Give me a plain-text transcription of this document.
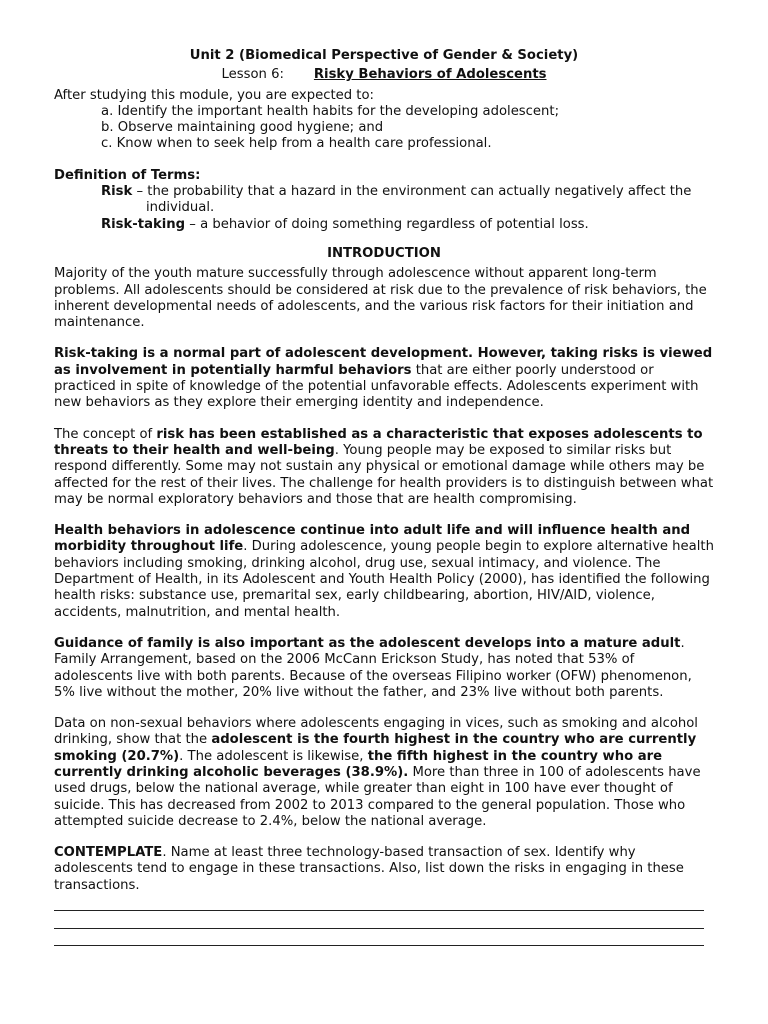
Unit 2 (Biomedical Perspective of Gender & Society)
Lesson 6: Risky Behaviors of Adolescents

After studying this module, you are expected to:

a. Identify the important health habits for the developing adolescent;
b. Observe maintaining good hygiene; and
c. Know when to seek help from a health care professional.

Definition of Terms:

Risk – the probability that a hazard in the environment can actually negatively affect the individual.

Risk-taking – a behavior of doing something regardless of potential loss.

INTRODUCTION

Majority of the youth mature successfully through adolescence without apparent long-term problems. All adolescents should be considered at risk due to the prevalence of risk behaviors, the inherent developmental needs of adolescents, and the various risk factors for their initiation and maintenance.

Risk-taking is a normal part of adolescent development. However, taking risks is viewed as involvement in potentially harmful behaviors that are either poorly understood or practiced in spite of knowledge of the potential unfavorable effects. Adolescents experiment with new behaviors as they explore their emerging identity and independence.

The concept of risk has been established as a characteristic that exposes adolescents to threats to their health and well-being. Young people may be exposed to similar risks but respond differently. Some may not sustain any physical or emotional damage while others may be affected for the rest of their lives. The challenge for health providers is to distinguish between what may be normal exploratory behaviors and those that are health compromising.

Health behaviors in adolescence continue into adult life and will influence health and morbidity throughout life. During adolescence, young people begin to explore alternative health behaviors including smoking, drinking alcohol, drug use, sexual intimacy, and violence. The Department of Health, in its Adolescent and Youth Health Policy (2000), has identified the following health risks: substance use, premarital sex, early childbearing, abortion, HIV/AID, violence, accidents, malnutrition, and mental health.

Guidance of family is also important as the adolescent develops into a mature adult. Family Arrangement, based on the 2006 McCann Erickson Study, has noted that 53% of adolescents live with both parents. Because of the overseas Filipino worker (OFW) phenomenon, 5% live without the mother, 20% live without the father, and 23% live without both parents.

Data on non-sexual behaviors where adolescents engaging in vices, such as smoking and alcohol drinking, show that the adolescent is the fourth highest in the country who are currently smoking (20.7%). The adolescent is likewise, the fifth highest in the country who are currently drinking alcoholic beverages (38.9%). More than three in 100 of adolescents have used drugs, below the national average, while greater than eight in 100 have ever thought of suicide. This has decreased from 2002 to 2013 compared to the general population. Those who attempted suicide decrease to 2.4%, below the national average.

CONTEMPLATE. Name at least three technology-based transaction of sex. Identify why adolescents tend to engage in these transactions. Also, list down the risks in engaging in these transactions.
